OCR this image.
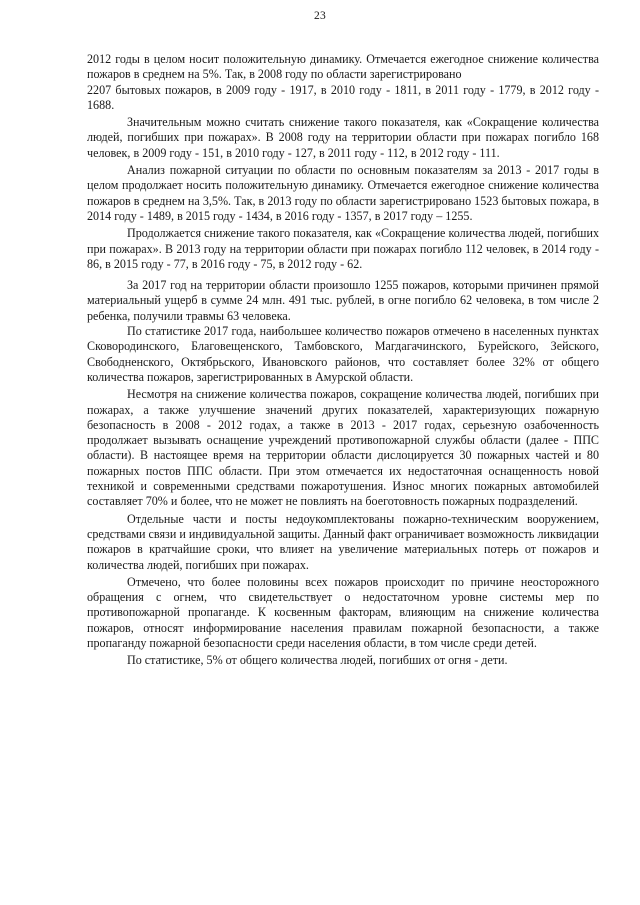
23

2012 годы в целом носит положительную динамику. Отмечается ежегодное снижение количества пожаров в среднем на 5%. Так, в 2008 году по области зарегистрировано

2207 бытовых пожаров, в 2009 году - 1917, в 2010 году - 1811, в 2011 году - 1779, в 2012 году - 1688.

Значительным можно считать снижение такого показателя, как «Сокращение количества людей, погибших при пожарах». В 2008 году на территории области при пожарах погибло 168 человек, в 2009 году - 151, в 2010 году - 127, в 2011 году - 112, в 2012 году - 111.

Анализ пожарной ситуации по области по основным показателям за 2013 - 2017 годы в целом продолжает носить положительную динамику. Отмечается ежегодное снижение количества пожаров в среднем на 3,5%. Так, в 2013 году по области зарегистрировано 1523 бытовых пожара, в 2014 году - 1489, в 2015 году - 1434, в 2016 году - 1357, в 2017 году – 1255.

Продолжается снижение такого показателя, как «Сокращение количества людей, погибших при пожарах». В 2013 году на территории области при пожарах погибло 112 человек, в 2014 году - 86, в 2015 году - 77, в 2016 году - 75, в 2012 году - 62.

За 2017 год на территории области произошло 1255 пожаров, которыми причинен прямой материальный ущерб в сумме 24 млн. 491 тыс. рублей, в огне погибло 62 человека, в том числе 2 ребенка, получили травмы 63 человека.

По статистике 2017 года, наибольшее количество пожаров отмечено в населенных пунктах Сковородинского, Благовещенского, Тамбовского, Магдагачинского, Бурейского, Зейского, Свободненского, Октябрьского, Ивановского районов, что составляет более 32% от общего количества пожаров, зарегистрированных в Амурской области.

Несмотря на снижение количества пожаров, сокращение количества людей, погибших при пожарах, а также улучшение значений других показателей, характеризующих пожарную безопасность в 2008 - 2012 годах, а также в 2013 - 2017 годах, серьезную озабоченность продолжает вызывать оснащение учреждений противопожарной службы области (далее - ППС области). В настоящее время на территории области дислоцируется 30 пожарных частей и 80 пожарных постов ППС области. При этом отмечается их недостаточная оснащенность новой техникой и современными средствами пожаротушения. Износ многих пожарных автомобилей составляет 70% и более, что не может не повлиять на боеготовность пожарных подразделений.

Отдельные части и посты недоукомплектованы пожарно-техническим вооружением, средствами связи и индивидуальной защиты. Данный факт ограничивает возможность ликвидации пожаров в кратчайшие сроки, что влияет на увеличение материальных потерь от пожаров и количества людей, погибших при пожарах.

Отмечено, что более половины всех пожаров происходит по причине неосторожного обращения с огнем, что свидетельствует о недостаточном уровне системы мер по противопожарной пропаганде. К косвенным факторам, влияющим на снижение количества пожаров, относят информирование населения правилам пожарной безопасности, а также пропаганду пожарной безопасности среди населения области, в том числе среди детей.

По статистике, 5% от общего количества людей, погибших от огня - дети.
